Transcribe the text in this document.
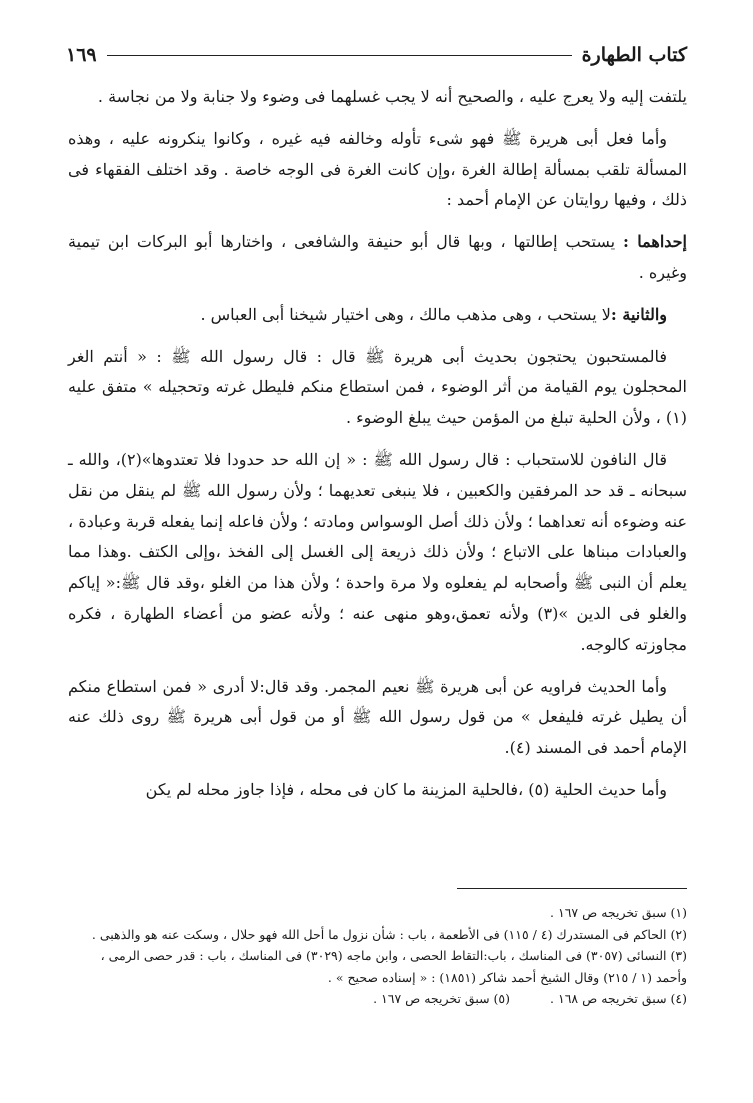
كتاب الطهارة
١٦٩

يلتفت إليه ولا يعرج عليه ، والصحيح أنه لا يجب غسلهما فى وضوء ولا جنابة ولا من نجاسة .

وأما فعل أبى هريرة ﷺ فهو شىء تأوله وخالفه فيه غيره ، وكانوا ينكرونه عليه ، وهذه المسألة تلقب بمسألة إطالة الغرة ،وإن كانت الغرة فى الوجه خاصة . وقد اختلف الفقهاء فى ذلك ، وفيها روايتان عن الإمام أحمد :

إحداهما : يستحب إطالتها ، وبها قال أبو حنيفة والشافعى ، واختارها أبو البركات ابن تيمية وغيره .

والثانية :لا يستحب ، وهى مذهب مالك ، وهى اختيار شيخنا أبى العباس .

فالمستحبون يحتجون بحديث أبى هريرة ﷺ قال : قال رسول الله ﷺ : « أنتم الغر المحجلون يوم القيامة من أثر الوضوء ، فمن استطاع منكم فليطل غرته وتحجيله » متفق عليه (١) ، ولأن الحلية تبلغ من المؤمن حيث يبلغ الوضوء .

قال النافون للاستحباب : قال رسول الله ﷺ : « إن الله حد حدودا فلا تعتدوها»(٢)، والله ـ سبحانه ـ قد حد المرفقين والكعبين ، فلا ينبغى تعديهما ؛ ولأن رسول الله ﷺ لم ينقل من نقل عنه وضوءه أنه تعداهما ؛ ولأن ذلك أصل الوسواس ومادته ؛ ولأن فاعله إنما يفعله قربة وعبادة ، والعبادات مبناها على الاتباع ؛ ولأن ذلك ذريعة إلى الغسل إلى الفخذ ،وإلى الكتف .وهذا مما يعلم أن النبى ﷺ وأصحابه لم يفعلوه ولا مرة واحدة ؛ ولأن هذا من الغلو ،وقد قال ﷺ:« إياكم والغلو فى الدين »(٣) ولأنه تعمق،وهو منهى عنه ؛ ولأنه عضو من أعضاء الطهارة ، فكره مجاوزته كالوجه.

وأما الحديث فراويه عن أبى هريرة ﷺ نعيم المجمر. وقد قال:لا أدرى « فمن استطاع منكم أن يطيل غرته فليفعل » من قول رسول الله ﷺ أو من قول أبى هريرة ﷺ روى ذلك عنه الإمام أحمد فى المسند (٤).

وأما حديث الحلية (٥) ،فالحلية المزينة ما كان فى محله ، فإذا جاوز محله لم يكن

(١) سبق تخريجه ص ١٦٧ .

(٢) الحاكم فى المستدرك (٤ / ١١٥) فى الأطعمة ، باب : شأن نزول ما أحل الله فهو حلال ، وسكت عنه هو والذهبى .

(٣) النسائى (٣٠٥٧) فى المناسك ، باب:التقاط الحصى ، وابن ماجه (٣٠٢٩) فى المناسك ، باب : قدر حصى الرمى ، وأحمد (١ / ٢١٥) وقال الشيخ أحمد شاكر (١٨٥١) : « إسناده صحيح » .

(٤) سبق تخريجه ص ١٦٨ .

(٥) سبق تخريجه ص ١٦٧ .
